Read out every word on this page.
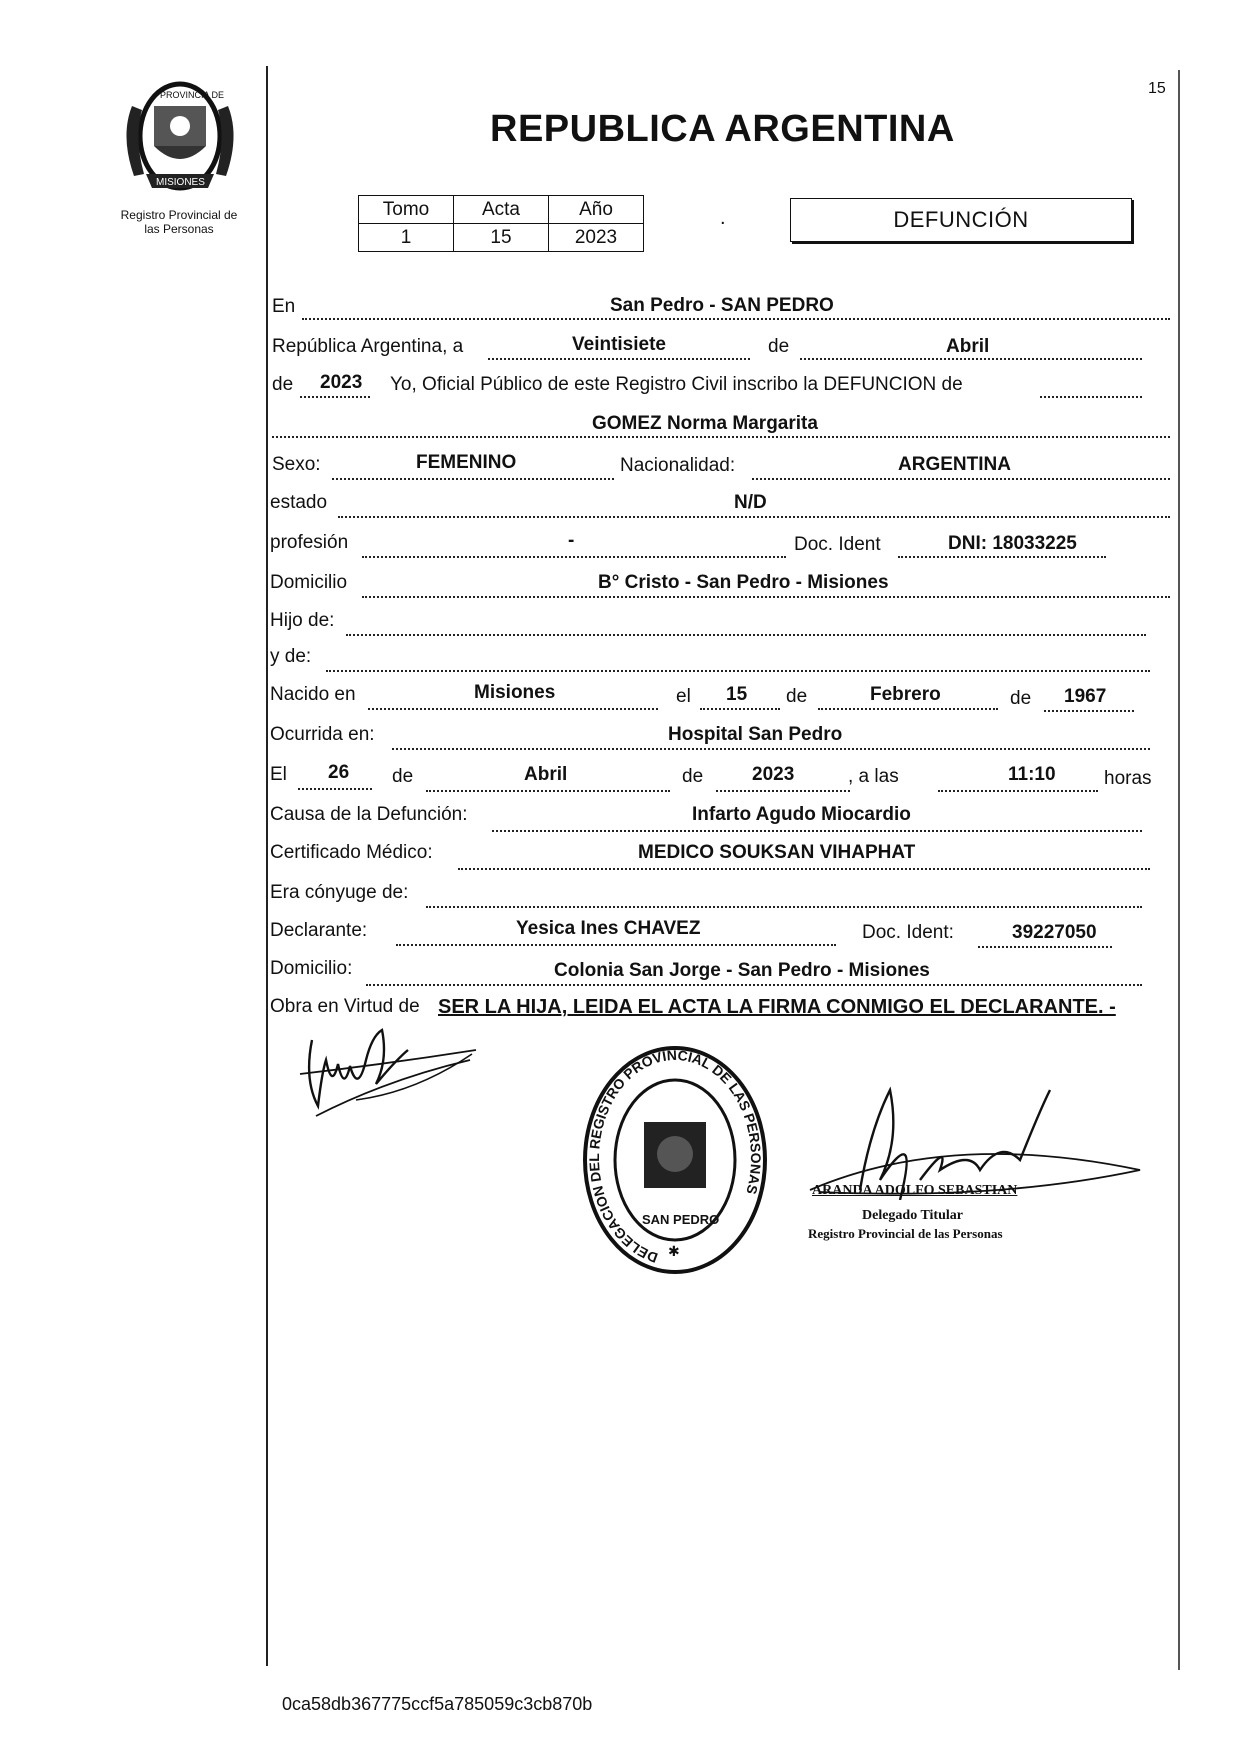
PROVINCIA DE
MISIONES
Registro Provincial de
las Personas
15
REPUBLICA ARGENTINA
Tomo	Acta	Año
1	15	2023
.	DEFUNCIÓN
En	San Pedro - SAN PEDRO
República Argentina, a	Veintisiete	de	Abril
de 2023 Yo, Oficial Público de este Registro Civil inscribo la DEFUNCION de
GOMEZ Norma Margarita
Sexo:	FEMENINO	Nacionalidad:	ARGENTINA
estado	N/D
profesión	-	Doc. Ident	DNI: 18033225
Domicilio	B° Cristo - San Pedro - Misiones
Hijo de:
y de:
Nacido en	Misiones	el 15 de	Febrero	de 1967
Ocurrida en:	Hospital San Pedro
El 26 de	Abril	de	2023	, a las	11:10	horas
Causa de la Defunción:	Infarto Agudo Miocardio
Certificado Médico:	MEDICO SOUKSAN VIHAPHAT
Era cónyuge de:
Declarante:	Yesica Ines CHAVEZ	Doc. Ident:	39227050
Domicilio:	Colonia San Jorge - San Pedro - Misiones
Obra en Virtud de SER LA HIJA, LEIDA EL ACTA LA FIRMA CONMIGO EL DECLARANTE. -
DELEGACION DEL REGISTRO PROVINCIAL DE LAS PERSONAS
SAN PEDRO
✱
ARANDA ADOLFO SEBASTIAN
Delegado Titular
Registro Provincial de las Personas
0ca58db367775ccf5a785059c3cb870b
